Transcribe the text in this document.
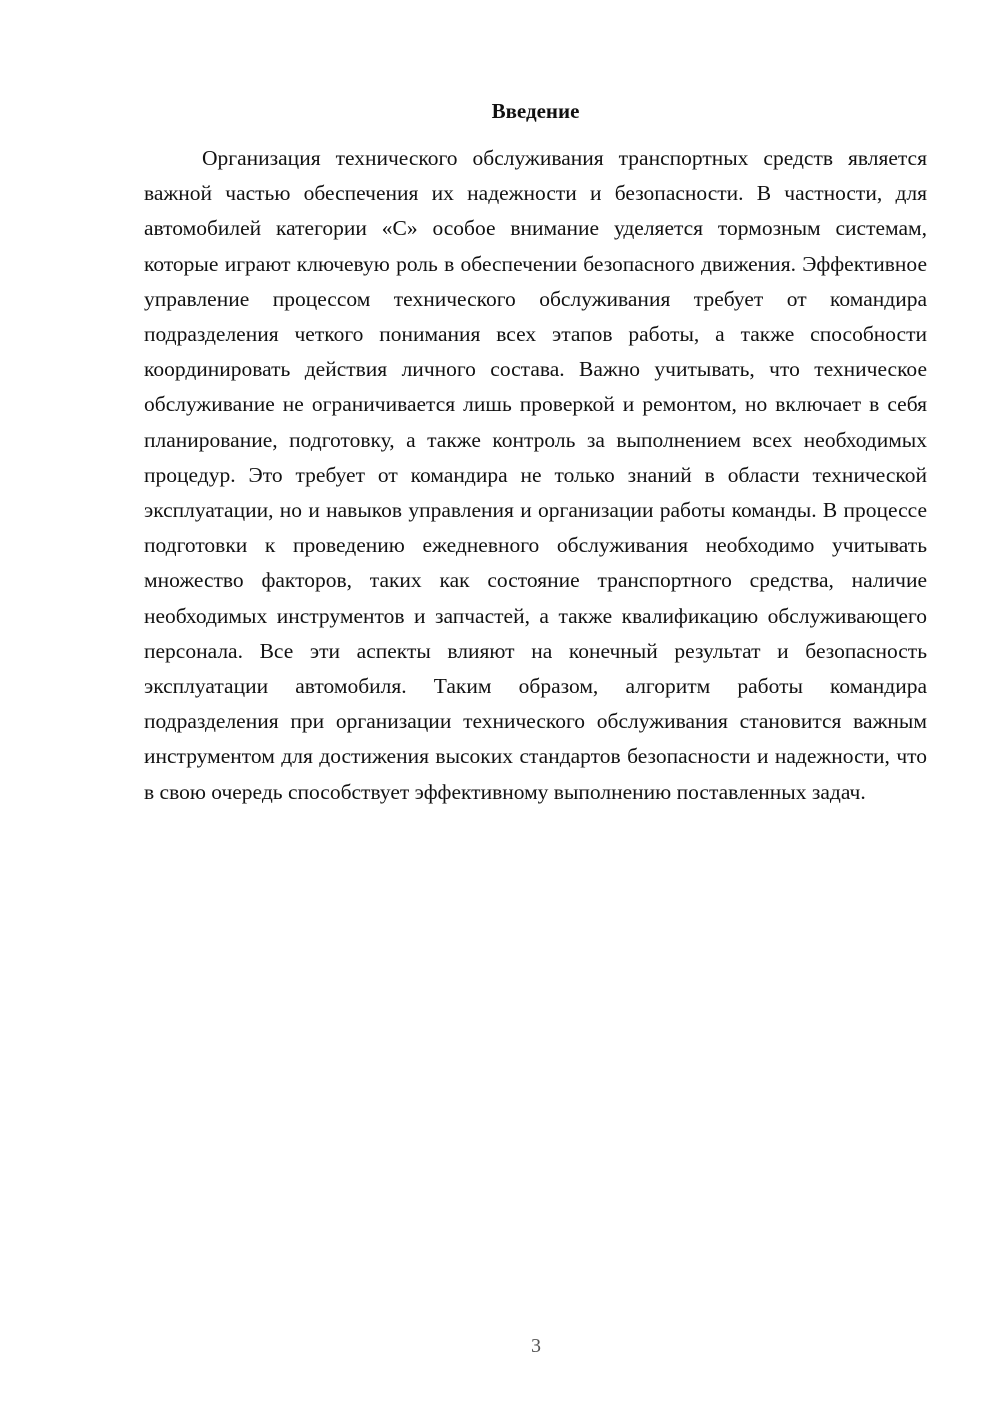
Введение

Организация технического обслуживания транспортных средств является важной частью обеспечения их надежности и безопасности. В частности, для автомобилей категории «С» особое внимание уделяется тормозным системам, которые играют ключевую роль в обеспечении безопасного движения. Эффективное управление процессом технического обслуживания требует от командира подразделения четкого понимания всех этапов работы, а также способности координировать действия личного состава. Важно учитывать, что техническое обслуживание не ограничивается лишь проверкой и ремонтом, но включает в себя планирование, подготовку, а также контроль за выполнением всех необходимых процедур. Это требует от командира не только знаний в области технической эксплуатации, но и навыков управления и организации работы команды. В процессе подготовки к проведению ежедневного обслуживания необходимо учитывать множество факторов, таких как состояние транспортного средства, наличие необходимых инструментов и запчастей, а также квалификацию обслуживающего персонала. Все эти аспекты влияют на конечный результат и безопасность эксплуатации автомобиля. Таким образом, алгоритм работы командира подразделения при организации технического обслуживания становится важным инструментом для достижения высоких стандартов безопасности и надежности, что в свою очередь способствует эффективному выполнению поставленных задач.

3
